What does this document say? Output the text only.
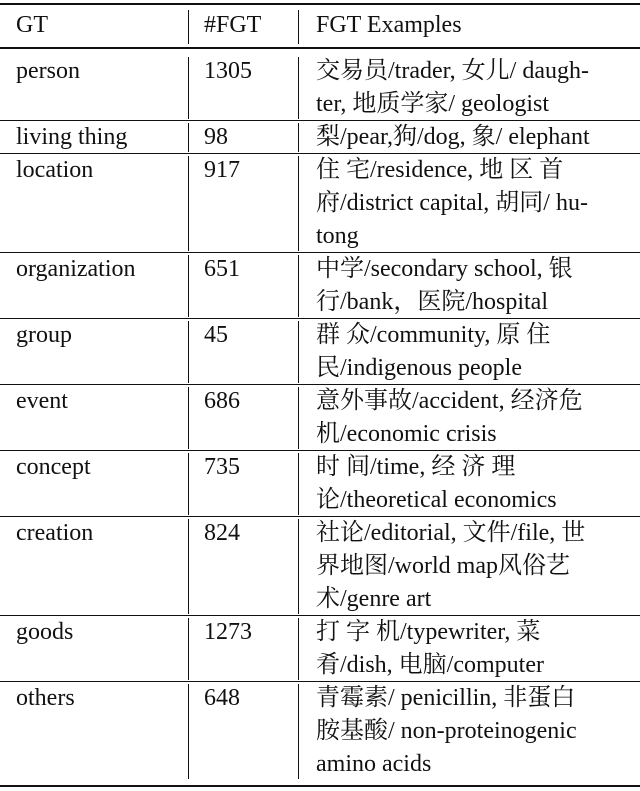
GT	#FGT FGT Examples
person	1305	交易员/trader, 女儿/ daugh-
ter, 地质学家/ geologist
living thing	98	梨/pear,狗/dog, 象/ elephant
location	917	住 宅/residence, 地 区 首
府/district capital, 胡同/ hu-
tong
organization	651	中学/secondary school, 银
行/bank，医院/hospital
group	45	群 众/community, 原 住
民/indigenous people
event	686	意外事故/accident, 经济危
机/economic crisis
concept	735	时 间/time, 经 济 理
论/theoretical economics
creation	824	社论/editorial, 文件/file, 世
界地图/world map风俗艺
术/genre art
goods	1273	打 字 机/typewriter, 菜
肴/dish, 电脑/computer
others	648	青霉素/ penicillin, 非蛋白
胺基酸/ non-proteinogenic
amino acids
